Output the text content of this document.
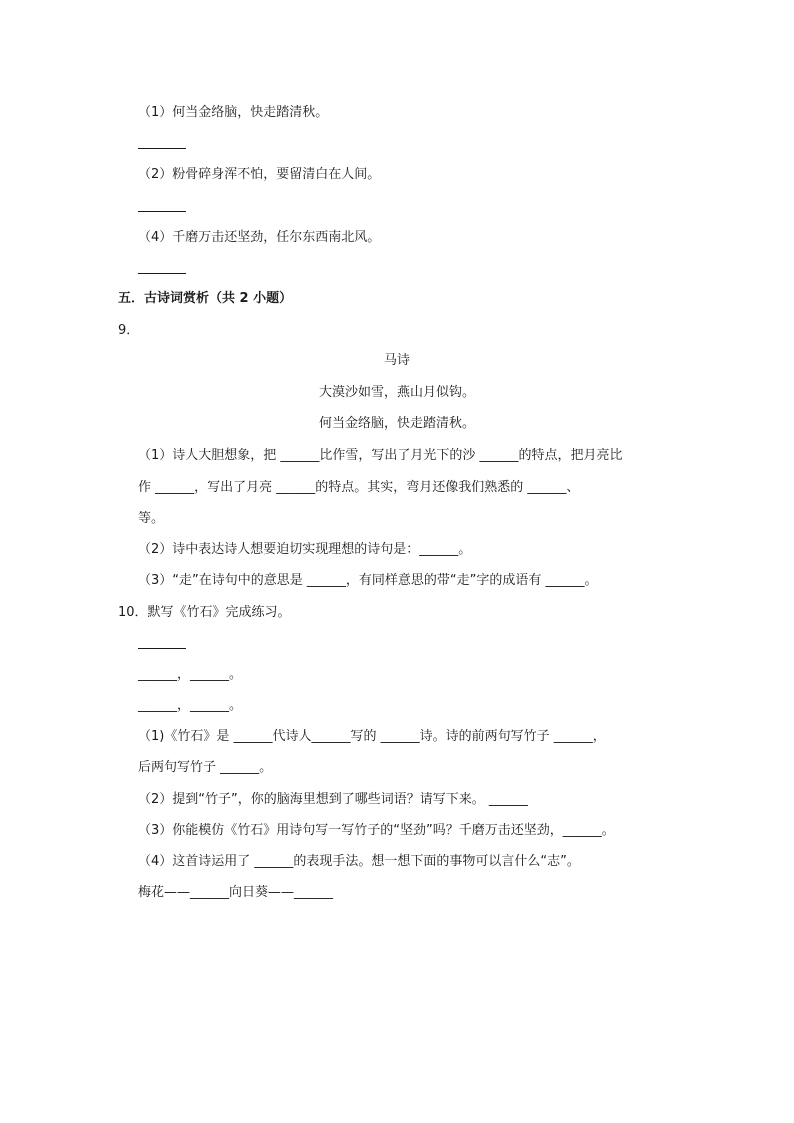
（1）何当金络脑，快走踏清秋。
（2）粉骨碎身浑不怕，要留清白在人间。
（4）千磨万击还坚劲，任尔东西南北风。
五．古诗词赏析（共 2 小题）
9．
马诗
大漠沙如雪，燕山月似钩。
何当金络脑，快走踏清秋。
（1）诗人大胆想象，把 ______比作雪，写出了月光下的沙 ______的特点，把月亮比
作 ______，写出了月亮 ______的特点。其实，弯月还像我们熟悉的 ______、
等。
（2）诗中表达诗人想要迫切实现理想的诗句是：______。
（3）“走”在诗句中的意思是 ______，有同样意思的带“走”字的成语有 ______。
10．默写《竹石》完成练习。
______，______。
______，______。
（1)《竹石》是 ______代诗人______写的 ______诗。诗的前两句写竹子 ______，
后两句写竹子 ______。
（2）提到“竹子”，你的脑海里想到了哪些词语？请写下来。 ______
（3）你能模仿《竹石》用诗句写一写竹子的“坚劲”吗？千磨万击还坚劲，______。
（4）这首诗运用了 ______的表现手法。想一想下面的事物可以言什么“志”。
梅花——______向日葵——______
